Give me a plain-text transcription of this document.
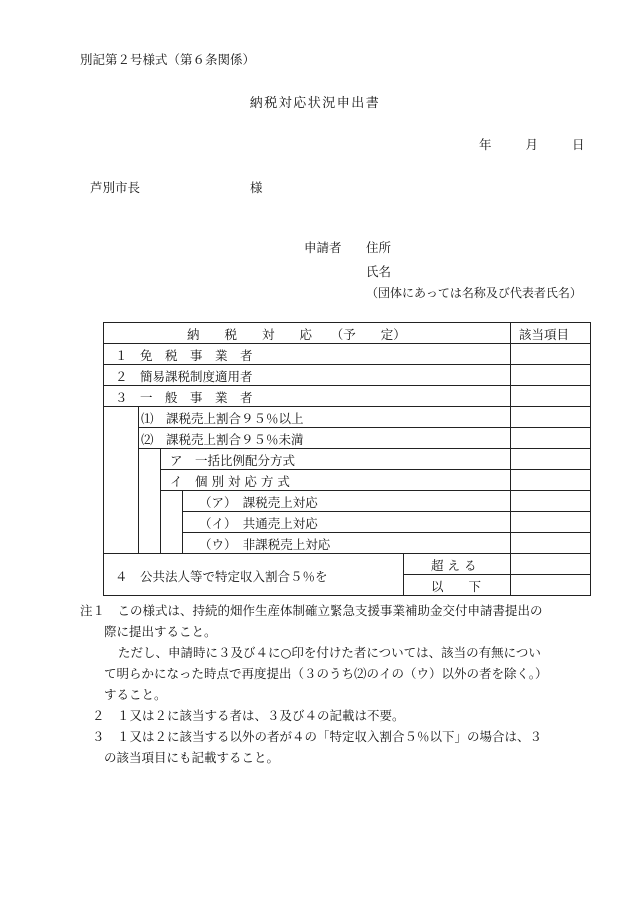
別記第２号様式（第６条関係）
納税対応状況申出書
年	月	日
芦別市長	様
申請者 住所
氏名
（団体にあっては名称及び代表者氏名）
納　　税　　対　　応　　（予　　定）	該当項目
１　免　税　事　業　者
２　簡易課税制度適用者
３　一　般　事　業　者
⑴　課税売上割合９５％以上
⑵　課税売上割合９５％未満
ア　一括比例配分方式
イ　個 別 対 応 方 式
（ア）　課税売上対応
（イ）　共通売上対応
（ウ）　非課税売上対応
４　公共法人等で特定収入割合５％を
超 え る
以　　下
注１　この様式は、持続的畑作生産体制確立緊急支援事業補助金交付申請書提出の
際に提出すること。
ただし、申請時に３及び４に○印を付けた者については、該当の有無につい
て明らかになった時点で再度提出（３のうち⑵のイの（ウ）以外の者を除く。）
すること。
２　１又は２に該当する者は、３及び４の記載は不要。
３　１又は２に該当する以外の者が４の「特定収入割合５％以下」の場合は、３
の該当項目にも記載すること。
